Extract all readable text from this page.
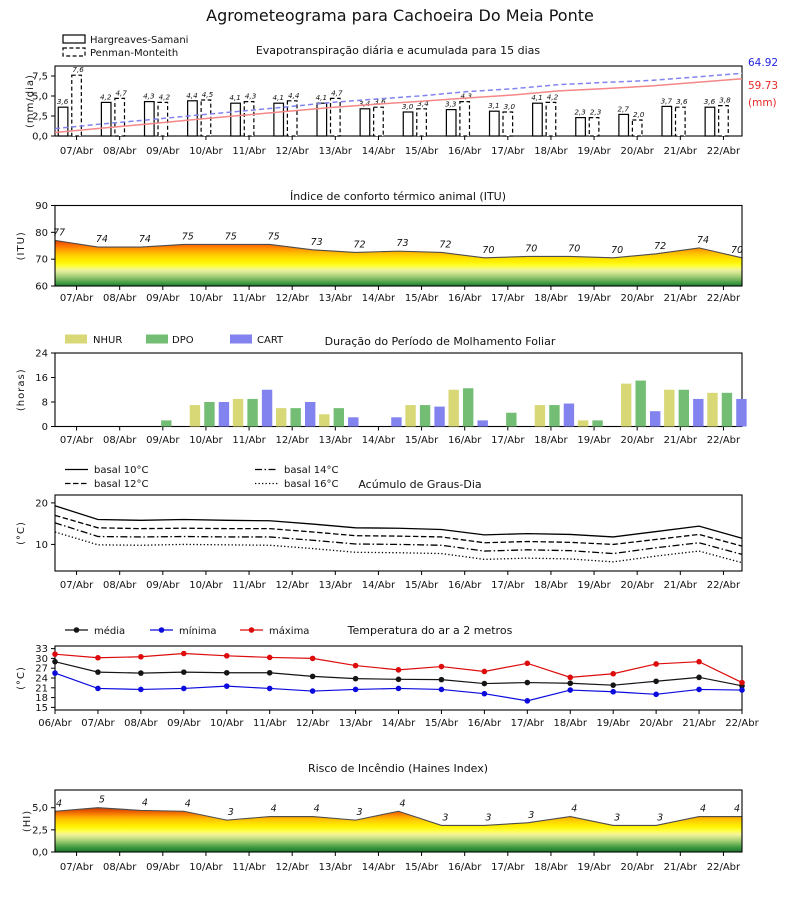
Agrometeograma para Cachoeira Do Meia Ponte
0,0
2,5
5,0
7,5
07/Abr 08/Abr 09/Abr 10/Abr 11/Abr 12/Abr 13/Abr 14/Abr 15/Abr 16/Abr 17/Abr 18/Abr 19/Abr 20/Abr 21/Abr 22/Abr
Evapotranspiração diária e acumulada para 15 dias
(mm/dia)
Hargreaves-Samani
Penman-Monteith
3,6
7,6
4,2 4,7 4,3 4,2 4,4 4,5 4,1 4,3 4,1 4,4 4,1
4,7
3,4 3,6
3,0 3,4 3,3
4,3
3,1 3,0
4,1 4,2
2,3 2,3 2,7
2,0
3,7 3,6 3,6 3,8
64.92
59.73
(mm)
77
74	74	75	75	75	73	72	73	72	70	70	70	70	72
74
70
60
70
80
90
07/Abr 08/Abr 09/Abr 10/Abr 11/Abr 12/Abr 13/Abr 14/Abr 15/Abr 16/Abr 17/Abr 18/Abr 19/Abr 20/Abr 21/Abr 22/Abr
Índice de conforto térmico animal (ITU)
(ITU)
0
8
16
24
07/Abr 08/Abr 09/Abr 10/Abr 11/Abr 12/Abr 13/Abr 14/Abr 15/Abr 16/Abr 17/Abr 18/Abr 19/Abr 20/Abr 21/Abr 22/Abr
Duração do Período de Molhamento Foliar
(horas)
NHUR	DPO	CART
10
20
07/Abr 08/Abr 09/Abr 10/Abr 11/Abr 12/Abr 13/Abr 14/Abr 15/Abr 16/Abr 17/Abr 18/Abr 19/Abr 20/Abr 21/Abr 22/Abr
Acúmulo de Graus-Dia
(°C)
basal 10°C
basal 12°C
basal 14°C
basal 16°C
15
18
21
24
27
30
33
06/Abr 07/Abr 08/Abr 09/Abr 10/Abr 11/Abr 12/Abr 13/Abr 14/Abr 15/Abr 16/Abr 17/Abr 18/Abr 19/Abr 20/Abr 21/Abr 22/Abr
Temperatura do ar a 2 metros
(°C)
média	mínima	máxima
4	5	4	4
3	4	4	3
4
3	3	3
4
3	3
4	4
0,0
2,5
5,0
07/Abr 08/Abr 09/Abr 10/Abr 11/Abr 12/Abr 13/Abr 14/Abr 15/Abr 16/Abr 17/Abr 18/Abr 19/Abr 20/Abr 21/Abr 22/Abr
Risco de Incêndio (Haines Index)
(HI)
